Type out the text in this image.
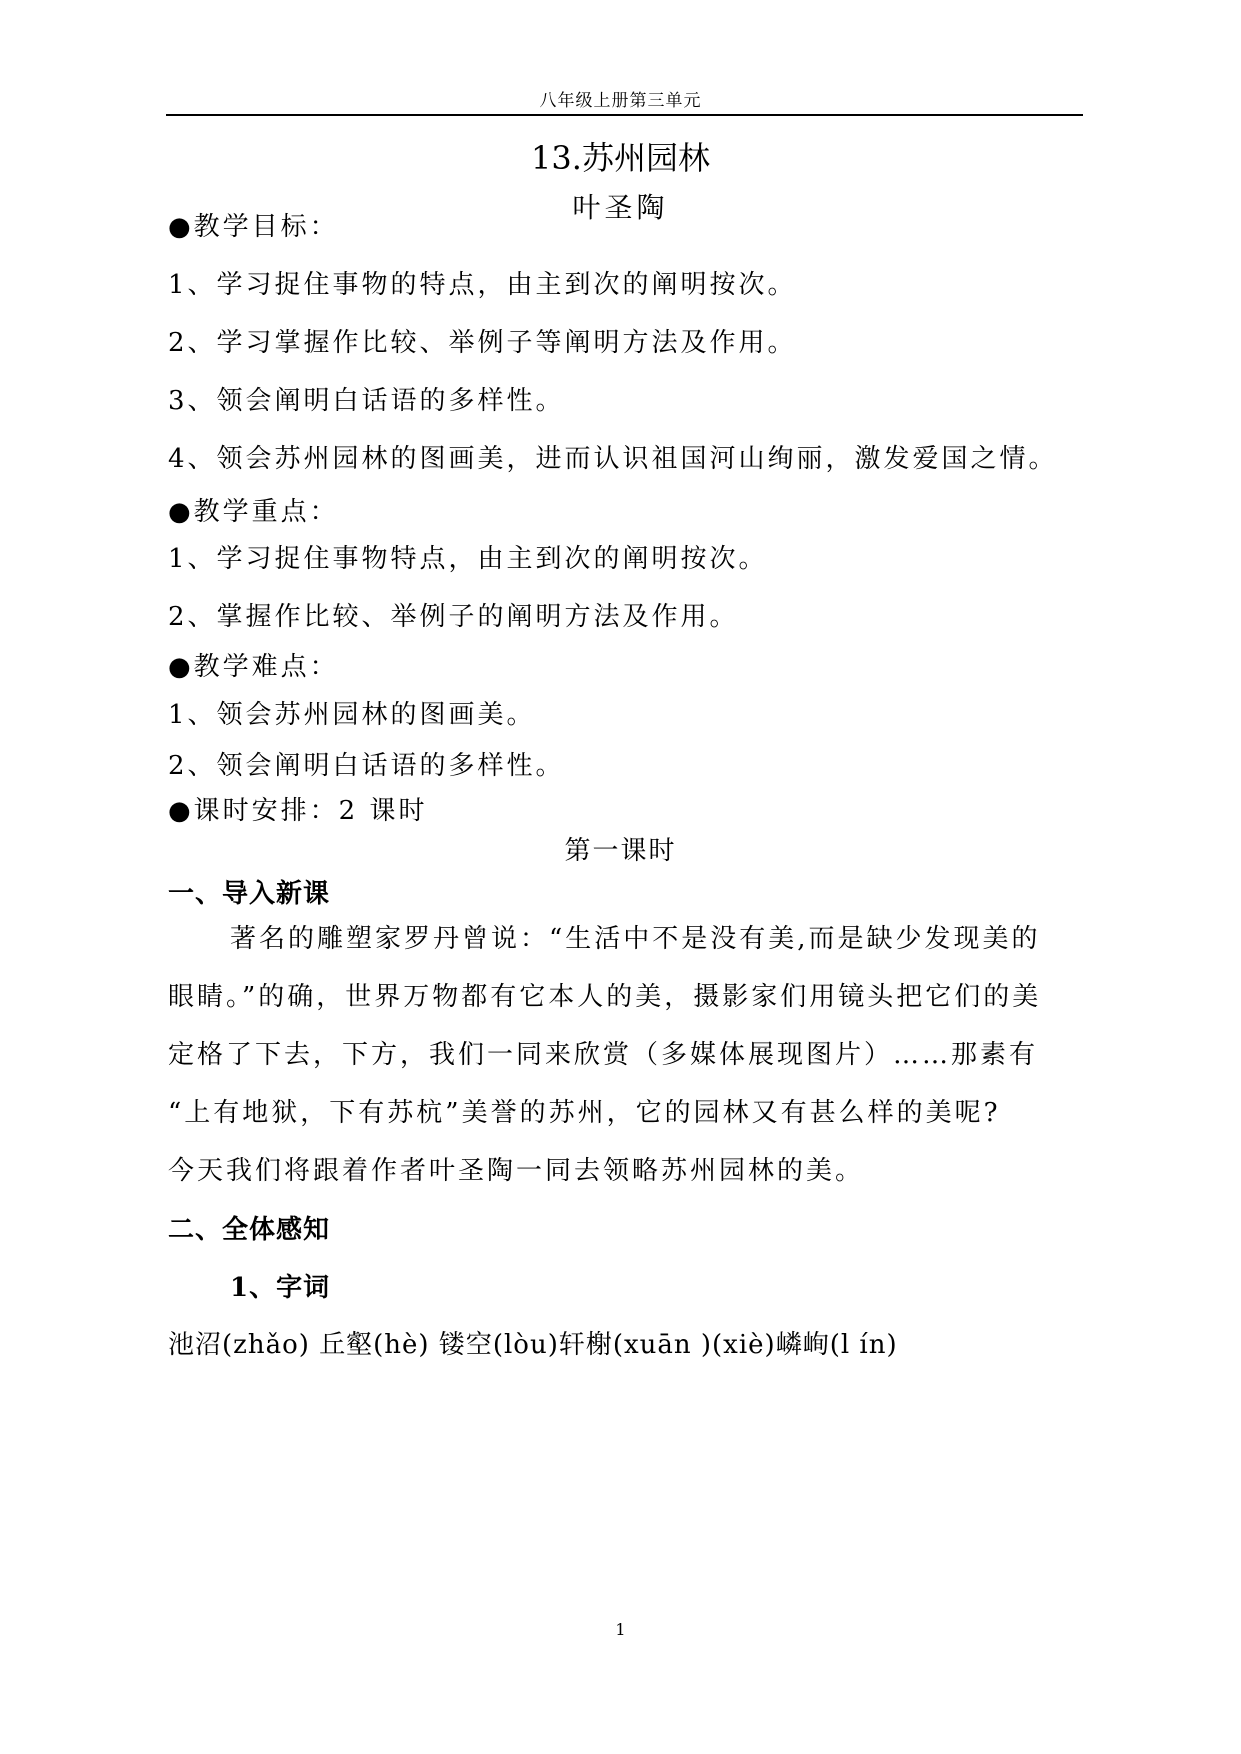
八年级上册第三单元
13.苏州园林
叶圣陶
●教学目标：
1、学习捉住事物的特点，由主到次的阐明按次。
2、学习掌握作比较、举例子等阐明方法及作用。
3、领会阐明白话语的多样性。
4、领会苏州园林的图画美，进而认识祖国河山绚丽，激发爱国之情。
●教学重点：
1、学习捉住事物特点，由主到次的阐明按次。
2、掌握作比较、举例子的阐明方法及作用。
●教学难点：
1、领会苏州园林的图画美。
2、领会阐明白话语的多样性。
●课时安排：2 课时
第一课时
一、导入新课
著名的雕塑家罗丹曾说：“生活中不是没有美,而是缺少发现美的
眼睛。”的确，世界万物都有它本人的美，摄影家们用镜头把它们的美
定格了下去，下方，我们一同来欣赏（多媒体展现图片）……那素有
“上有地狱，下有苏杭”美誉的苏州，它的园林又有甚么样的美呢?
今天我们将跟着作者叶圣陶一同去领略苏州园林的美。
二、全体感知
1、字词
池沼(zhǎo) 丘壑(hè) 镂空(lòu)轩榭(xuān )(xiè)嶙峋(l ín)
1
